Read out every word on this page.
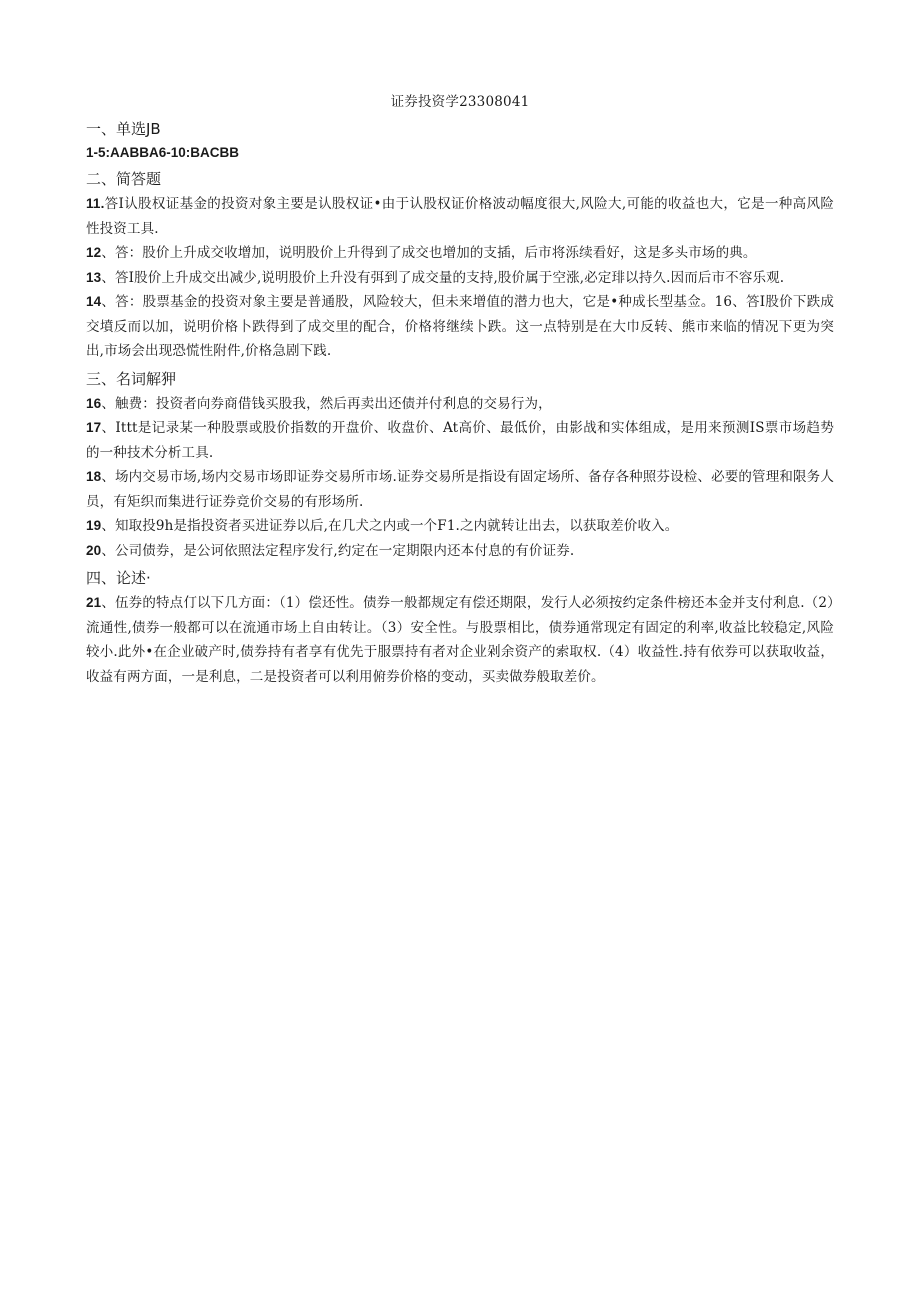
证券投资学23308041
一、单选JB
1-5:AABBA6-10:BACBB
二、简答题

11.答I认股权证基金的投资对象主要是认股权证•由于认股权证价格波动幅度很大,风险大,可能的收益也大，它是一种高风险性投资工具.

12、答：股价上升成交收增加，说明股价上升得到了成交也增加的支插，后市将泺续看好，这是多头市场的典。

13、答I股价上升成交出减少,说明股价上升没有弭到了成交量的支持,股价属于空涨,必定琲以持久.因而后市不容乐观.

14、答：股票基金的投资对象主要是普通股，风险较大，但未来增值的潜力也大，它是•种成长型基佥。16、答I股价下跌成交墳反而以加，说明价格卜跌得到了成交里的配合，价格将继续卜跌。这一点特别是在大巾反转、熊市来临的情况下更为突出,市场会出现恐慌性附件,价格急剧下践.

三、名词解狎

16、触费：投资者向券商借钱买股我，然后再卖出还债并付利息的交易行为，

17、Ittt是记录某一种股票或股价指数的开盘价、收盘价、At高价、最低价，由影战和实体组成，是用来预测IS票市场趋势的一种技术分析工具.

18、场内交易市场,场内交易市场即证券交易所市场.证券交易所是指设有固定场所、备存各种照芬设检、必要的管理和限务人员，有矩织而集进行证券竞价交易的有形场所.

19、知取投9h是指投资者买进证券以后,在几犬之内或一个F1.之内就转让出去，以获取差价收入。

20、公司债券，是公诃依照法定程序发行,约定在一定期限内还本付息的有价证券.

四、论述·

21、伍券的特点仃以下几方面：（1）偿还性。债券一般都规定有偿还期限，发行人必须按约定条件榜还本金并支付利息.（2）流通性,债券一般都可以在流通市场上自由转让。（3）安全性。与股票相比，债券通常现定有固定的利率,收益比较稳定,风险较小.此外•在企业破产时,债券持有者享有优先于服票持有者对企业剁余资产的索取权.（4）收益性.持有依券可以获取收益，收益有两方面，一是利息，二是投资者可以利用俯券价格的变动，买卖做券般取差价。
